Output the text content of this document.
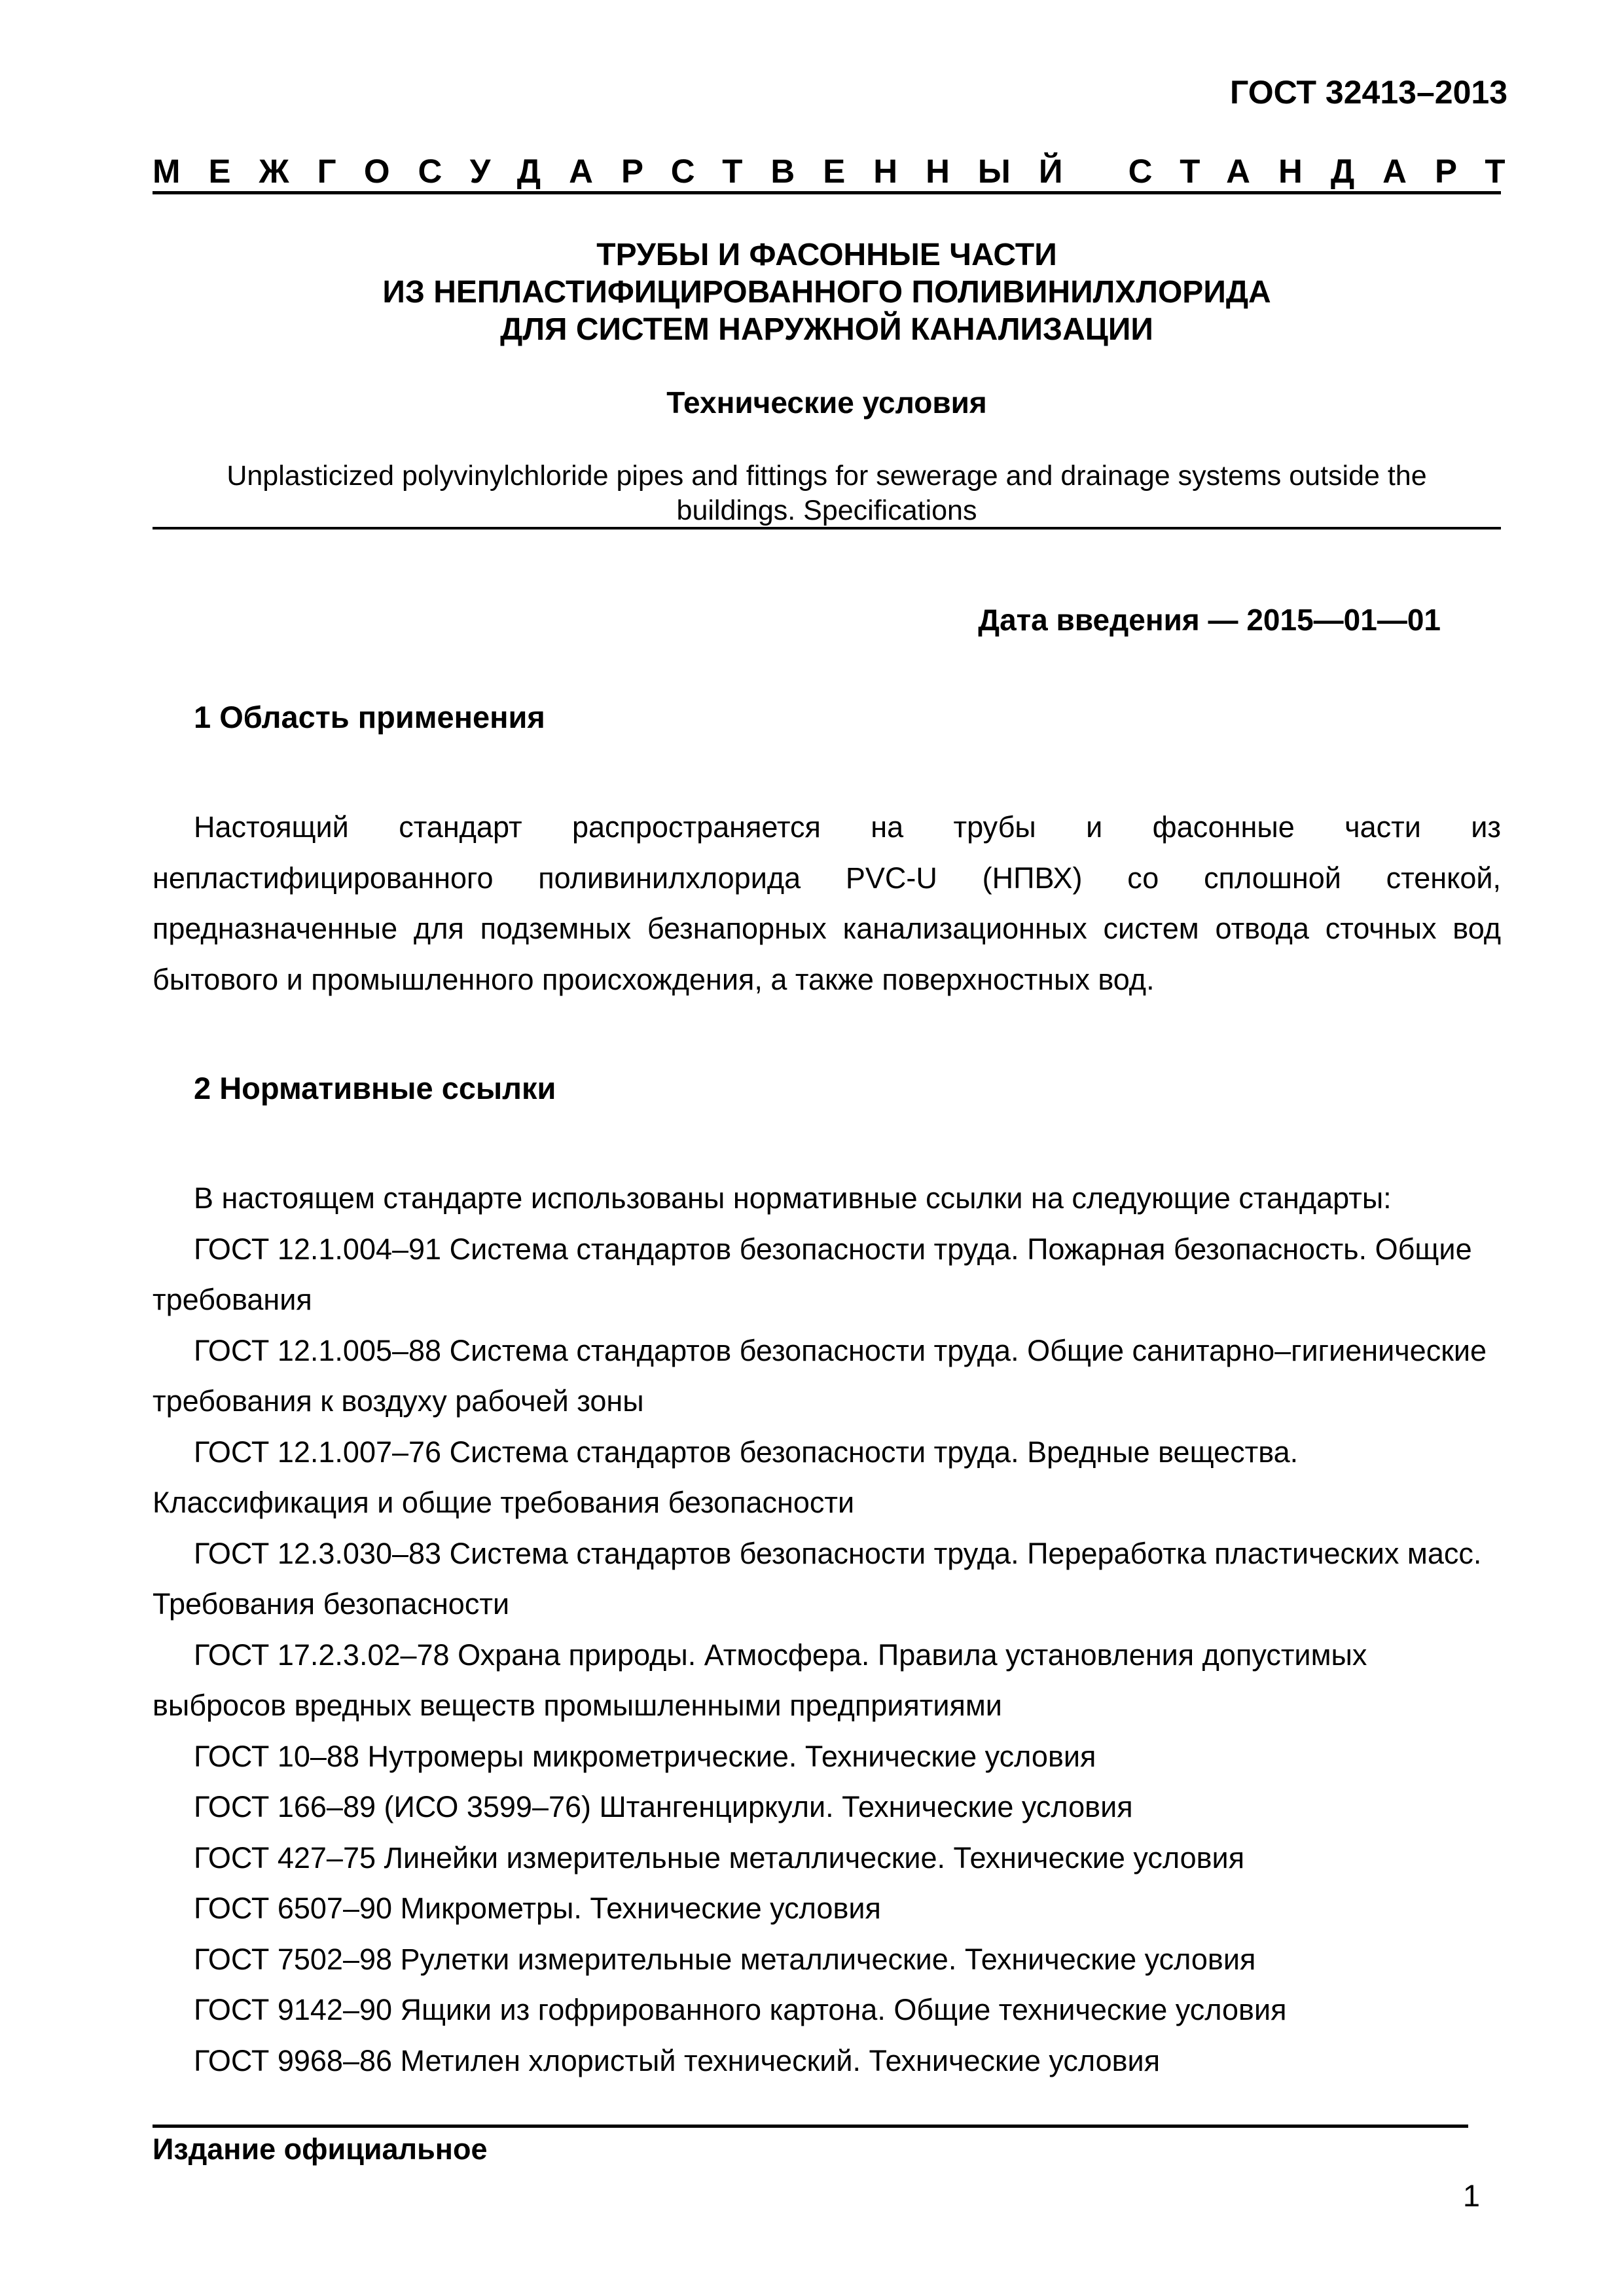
ГОСТ 32413–2013
МЕЖГОСУДАРСТВЕННЫЙ СТАНДАРТ
ТРУБЫ И ФАСОННЫЕ ЧАСТИ
ИЗ НЕПЛАСТИФИЦИРОВАННОГО ПОЛИВИНИЛХЛОРИДА
ДЛЯ СИСТЕМ НАРУЖНОЙ КАНАЛИЗАЦИИ
Технические условия
Unplasticized polyvinylchloride pipes and fittings for sewerage and drainage systems outside the
buildings. Specifications
Дата введения — 2015—01—01
1 Область применения
Настоящий стандарт распространяется на трубы и фасонные части из непластифицированного поливинилхлорида PVC-U (НПВХ) со сплошной стенкой, предназначенные для подземных безнапорных канализационных систем отвода сточных вод бытового и промышленного происхождения, а также поверхностных вод.
2 Нормативные ссылки
В настоящем стандарте использованы нормативные ссылки на следующие стандарты:
ГОСТ 12.1.004–91 Система стандартов безопасности труда. Пожарная безопасность. Общие требования
ГОСТ 12.1.005–88 Система стандартов безопасности труда. Общие санитарно–гигиенические требования к воздуху рабочей зоны
ГОСТ 12.1.007–76 Система стандартов безопасности труда. Вредные вещества. Классификация и общие требования безопасности
ГОСТ 12.3.030–83 Система стандартов безопасности труда. Переработка пластических масс. Требования безопасности
ГОСТ 17.2.3.02–78 Охрана природы. Атмосфера. Правила установления допустимых выбросов вредных веществ промышленными предприятиями
ГОСТ 10–88 Нутромеры микрометрические. Технические условия
ГОСТ 166–89 (ИСО 3599–76) Штангенциркули. Технические условия
ГОСТ 427–75 Линейки измерительные металлические. Технические условия
ГОСТ 6507–90 Микрометры. Технические условия
ГОСТ 7502–98 Рулетки измерительные металлические. Технические условия
ГОСТ 9142–90 Ящики из гофрированного картона. Общие технические условия
ГОСТ 9968–86 Метилен хлористый технический. Технические условия
Издание официальное
1
